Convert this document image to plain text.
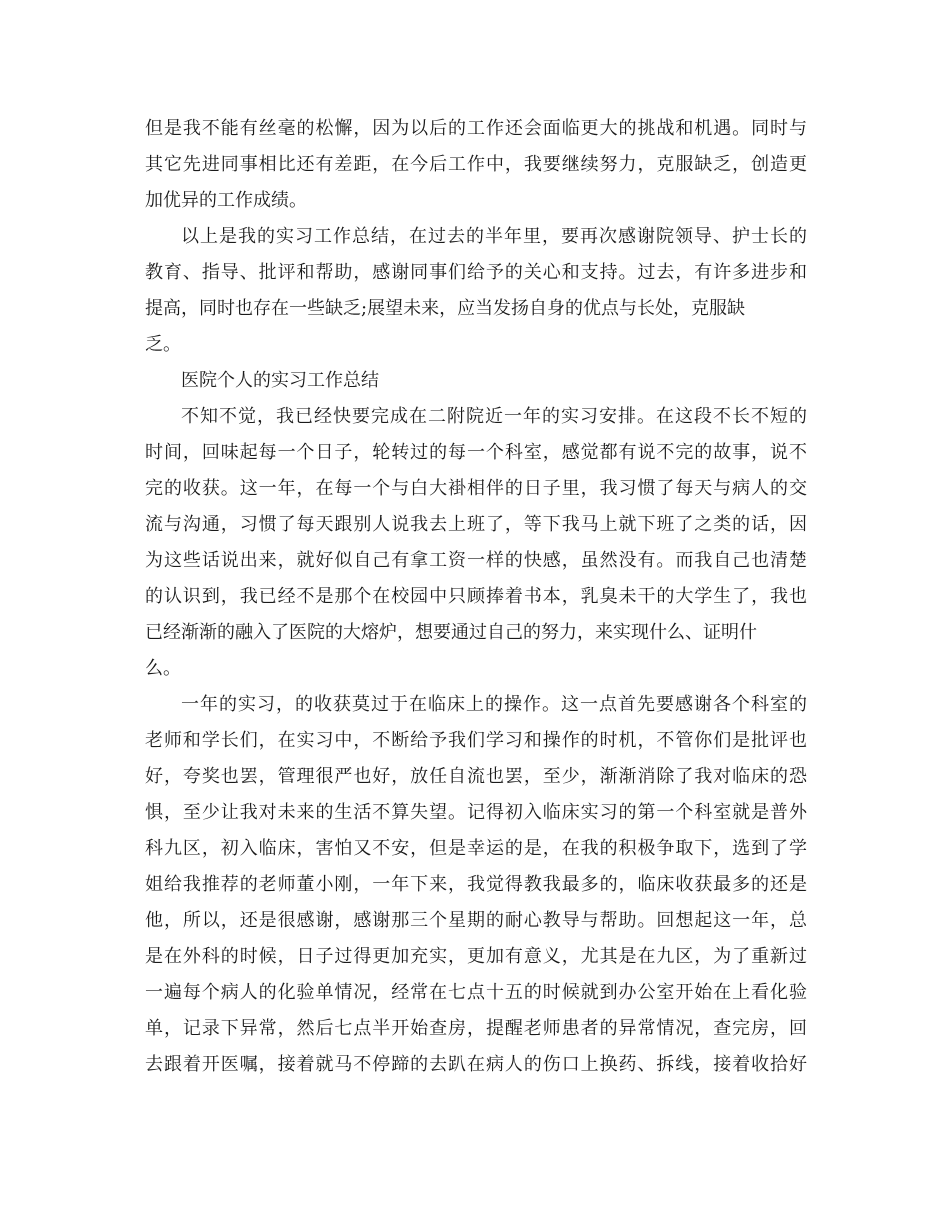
但是我不能有丝毫的松懈，因为以后的工作还会面临更大的挑战和机遇。同时与
其它先进同事相比还有差距，在今后工作中，我要继续努力，克服缺乏，创造更
加优异的工作成绩。
以上是我的实习工作总结，在过去的半年里，要再次感谢院领导、护士长的
教育、指导、批评和帮助，感谢同事们给予的关心和支持。过去，有许多进步和
提高，同时也存在一些缺乏;展望未来，应当发扬自身的优点与长处，克服缺
乏。
医院个人的实习工作总结
不知不觉，我已经快要完成在二附院近一年的实习安排。在这段不长不短的
时间，回味起每一个日子，轮转过的每一个科室，感觉都有说不完的故事，说不
完的收获。这一年，在每一个与白大褂相伴的日子里，我习惯了每天与病人的交
流与沟通，习惯了每天跟别人说我去上班了，等下我马上就下班了之类的话，因
为这些话说出来，就好似自己有拿工资一样的快感，虽然没有。而我自己也清楚
的认识到，我已经不是那个在校园中只顾捧着书本，乳臭未干的大学生了，我也
已经渐渐的融入了医院的大熔炉，想要通过自己的努力，来实现什么、证明什
么。
一年的实习，的收获莫过于在临床上的操作。这一点首先要感谢各个科室的
老师和学长们，在实习中，不断给予我们学习和操作的时机，不管你们是批评也
好，夸奖也罢，管理很严也好，放任自流也罢，至少，渐渐消除了我对临床的恐
惧，至少让我对未来的生活不算失望。记得初入临床实习的第一个科室就是普外
科九区，初入临床，害怕又不安，但是幸运的是，在我的积极争取下，选到了学
姐给我推荐的老师董小刚，一年下来，我觉得教我最多的，临床收获最多的还是
他，所以，还是很感谢，感谢那三个星期的耐心教导与帮助。回想起这一年，总
是在外科的时候，日子过得更加充实，更加有意义，尤其是在九区，为了重新过
一遍每个病人的化验单情况，经常在七点十五的时候就到办公室开始在上看化验
单，记录下异常，然后七点半开始查房，提醒老师患者的异常情况，查完房，回
去跟着开医嘱，接着就马不停蹄的去趴在病人的伤口上换药、拆线，接着收拾好
